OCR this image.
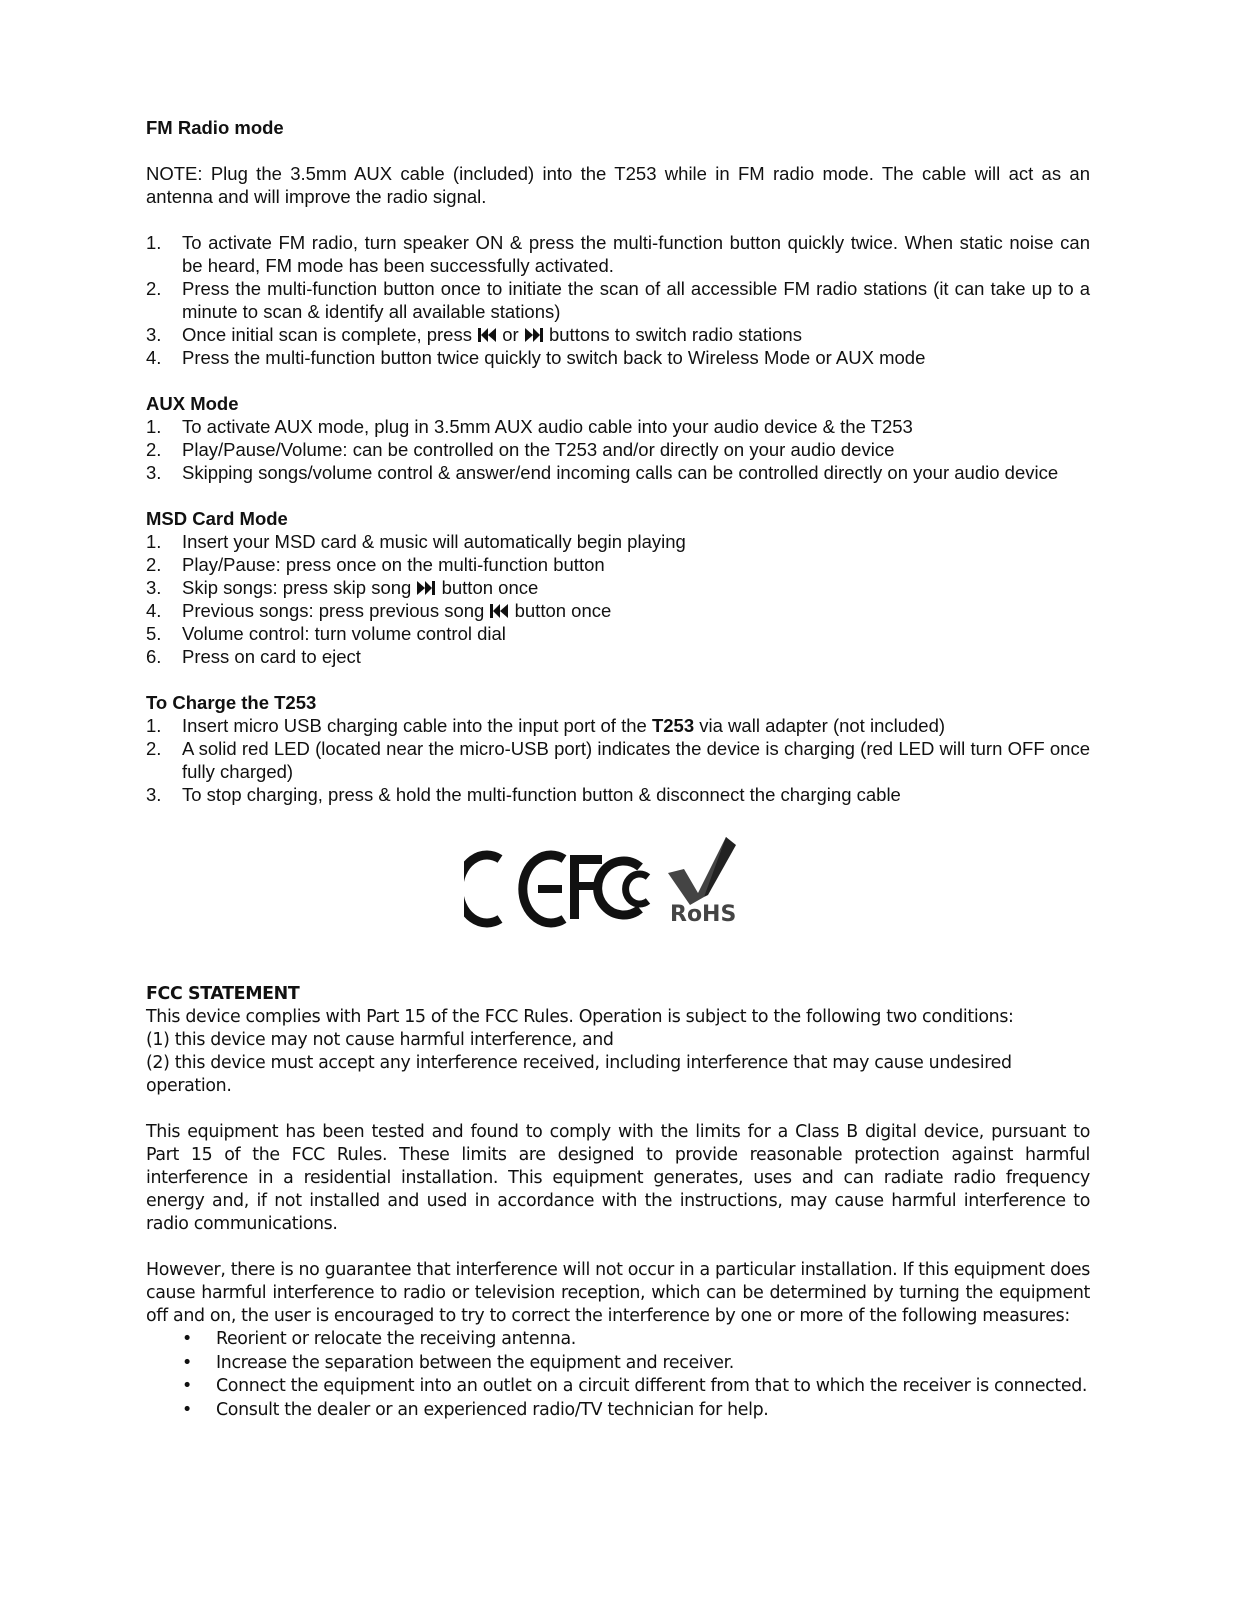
FM Radio mode

NOTE: Plug the 3.5mm AUX cable (included) into the T253 while in FM radio mode. The cable will act as an antenna and will improve the radio signal.

1. To activate FM radio, turn speaker ON & press the multi-function button quickly twice. When static noise can be heard, FM mode has been successfully activated.
2. Press the multi-function button once to initiate the scan of all accessible FM radio stations (it can take up to a minute to scan & identify all available stations)
3. Once initial scan is complete, press or buttons to switch radio stations
4. Press the multi-function button twice quickly to switch back to Wireless Mode or AUX mode

AUX Mode

1. To activate AUX mode, plug in 3.5mm AUX audio cable into your audio device & the T253
2. Play/Pause/Volume: can be controlled on the T253 and/or directly on your audio device
3. Skipping songs/volume control & answer/end incoming calls can be controlled directly on your audio device

MSD Card Mode

1. Insert your MSD card & music will automatically begin playing
2. Play/Pause: press once on the multi-function button
3. Skip songs: press skip song button once
4. Previous songs: press previous song button once
5. Volume control: turn volume control dial
6. Press on card to eject

To Charge the T253

1. Insert micro USB charging cable into the input port of the T253 via wall adapter (not included)
2. A solid red LED (located near the micro-USB port) indicates the device is charging (red LED will turn OFF once fully charged)
3. To stop charging, press & hold the multi-function button & disconnect the charging cable
RoHS

FCC STATEMENT

This device complies with Part 15 of the FCC Rules. Operation is subject to the following two conditions:

(1) this device may not cause harmful interference, and

(2) this device must accept any interference received, including interference that may cause undesired operation.

This equipment has been tested and found to comply with the limits for a Class B digital device, pursuant to Part 15 of the FCC Rules. These limits are designed to provide reasonable protection against harmful interference in a residential installation. This equipment generates, uses and can radiate radio frequency energy and, if not installed and used in accordance with the instructions, may cause harmful interference to radio communications.

However, there is no guarantee that interference will not occur in a particular installation. If this equipment does cause harmful interference to radio or television reception, which can be determined by turning the equipment off and on, the user is encouraged to try to correct the interference by one or more of the following measures:

• Reorient or relocate the receiving antenna.
• Increase the separation between the equipment and receiver.
• Connect the equipment into an outlet on a circuit different from that to which the receiver is connected.
• Consult the dealer or an experienced radio/TV technician for help.
